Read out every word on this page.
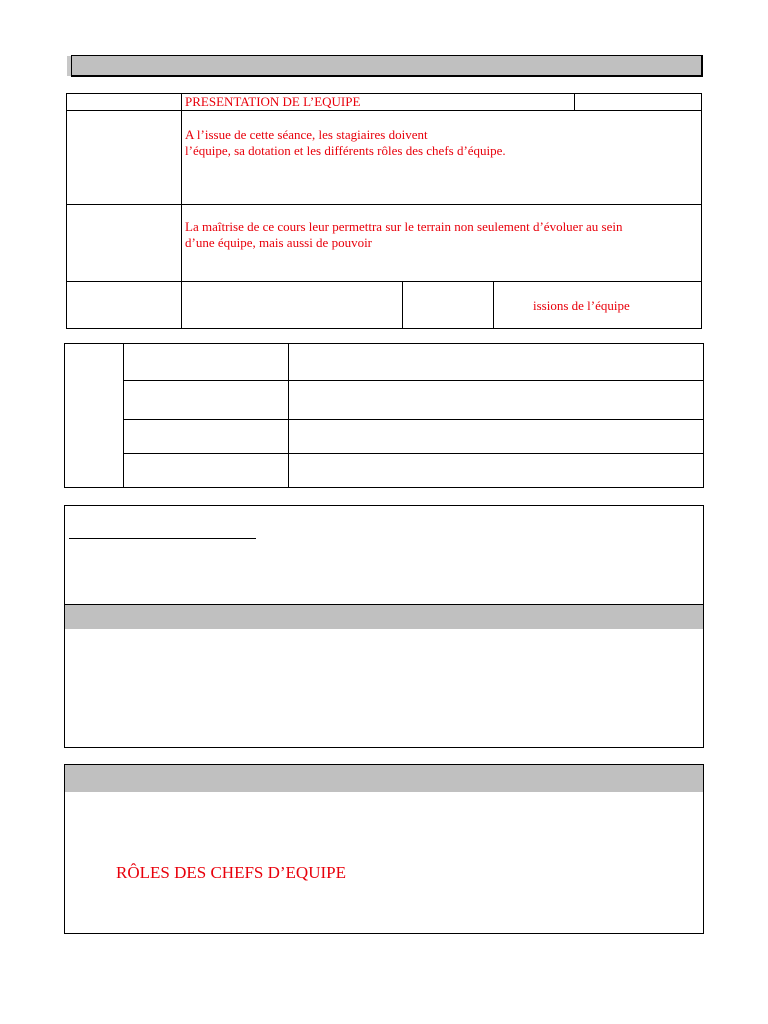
PRESENTATION DE L’EQUIPE
A l’issue de cette séance, les stagiaires doivent
l’équipe, sa dotation et les différents rôles des chefs d’équipe.
La maîtrise de ce cours leur permettra sur le terrain non seulement d’évoluer au sein
d’une équipe, mais aussi de pouvoir
issions de l’équipe
RÔLES DES CHEFS D’EQUIPE
